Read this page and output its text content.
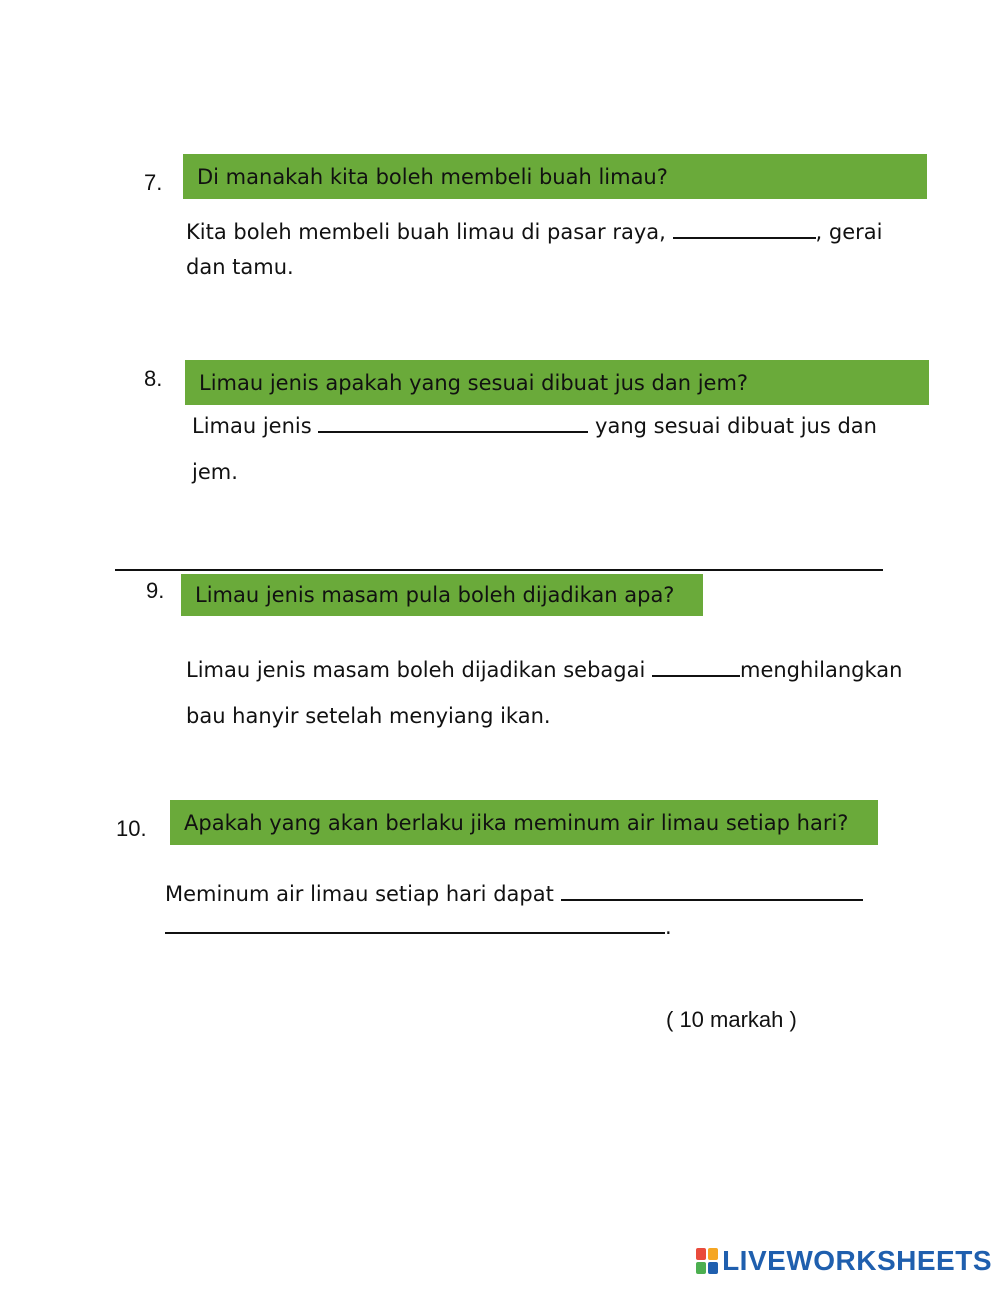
7. Di manakah kita boleh membeli buah limau?
Kita boleh membeli buah limau di pasar raya,	, gerai
dan tamu.
8. Limau jenis apakah yang sesuai dibuat jus dan jem?
Limau jenis	yang sesuai dibuat jus dan
jem.
9. Limau jenis masam pula boleh dijadikan apa?
Limau jenis masam boleh dijadikan sebagai	menghilangkan
bau hanyir setelah menyiang ikan.
10. Apakah yang akan berlaku jika meminum air limau setiap hari?
Meminum air limau setiap hari dapat
.
( 10 markah )
LIVEWORKSHEETS
